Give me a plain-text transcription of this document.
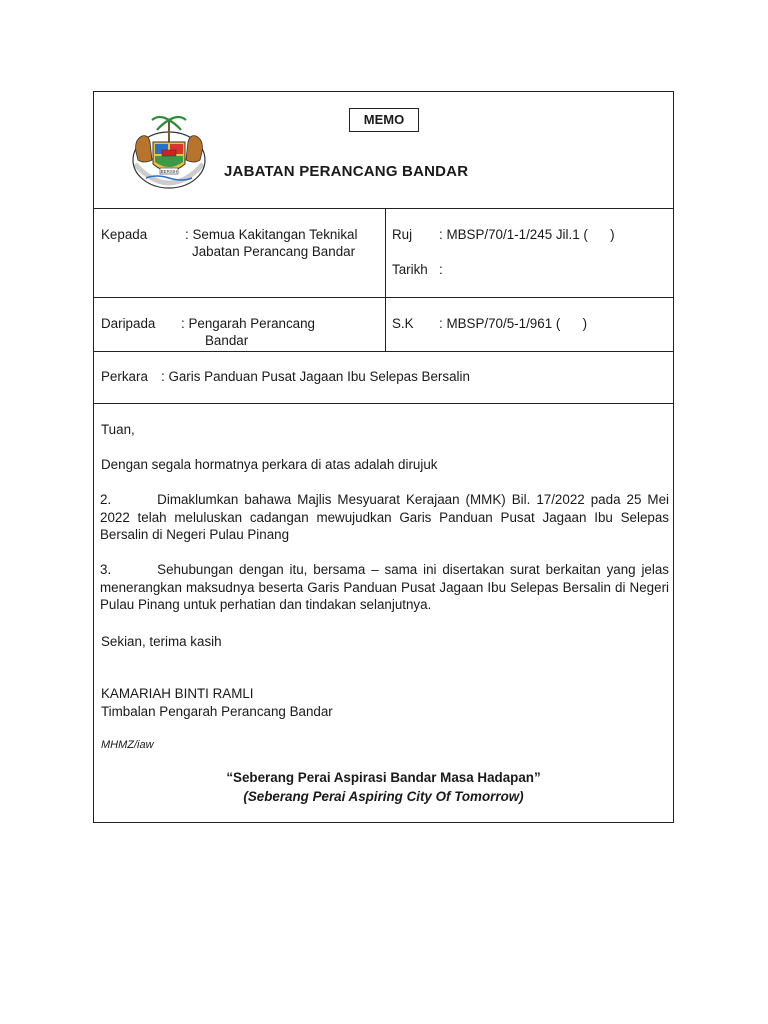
BERSIH
MEMO
JABATAN PERANCANG BANDAR
Kepada	: Semua Kakitangan Teknikal
Jabatan Perancang Bandar
Ruj : MBSP/70/1-1/245 Jil.1 (      )
Tarikh :
Daripada : Pengarah Perancang
Bandar
S.K : MBSP/70/5-1/961 (      )
Perkara : Garis Panduan Pusat Jagaan Ibu Selepas Bersalin
Tuan,
Dengan segala hormatnya perkara di atas adalah dirujuk
2.	Dimaklumkan bahawa Majlis Mesyuarat Kerajaan (MMK) Bil. 17/2022 pada 25 Mei 2022 telah meluluskan cadangan mewujudkan Garis Panduan Pusat Jagaan Ibu Selepas Bersalin di Negeri Pulau Pinang
3.	Sehubungan dengan itu, bersama – sama ini disertakan surat berkaitan yang jelas menerangkan maksudnya beserta Garis Panduan Pusat Jagaan Ibu Selepas Bersalin di Negeri Pulau Pinang untuk perhatian dan tindakan selanjutnya.
Sekian, terima kasih
KAMARIAH BINTI RAMLI
Timbalan Pengarah Perancang Bandar
MHMZ/iaw
“Seberang Perai Aspirasi Bandar Masa Hadapan”
(Seberang Perai Aspiring City Of Tomorrow)
